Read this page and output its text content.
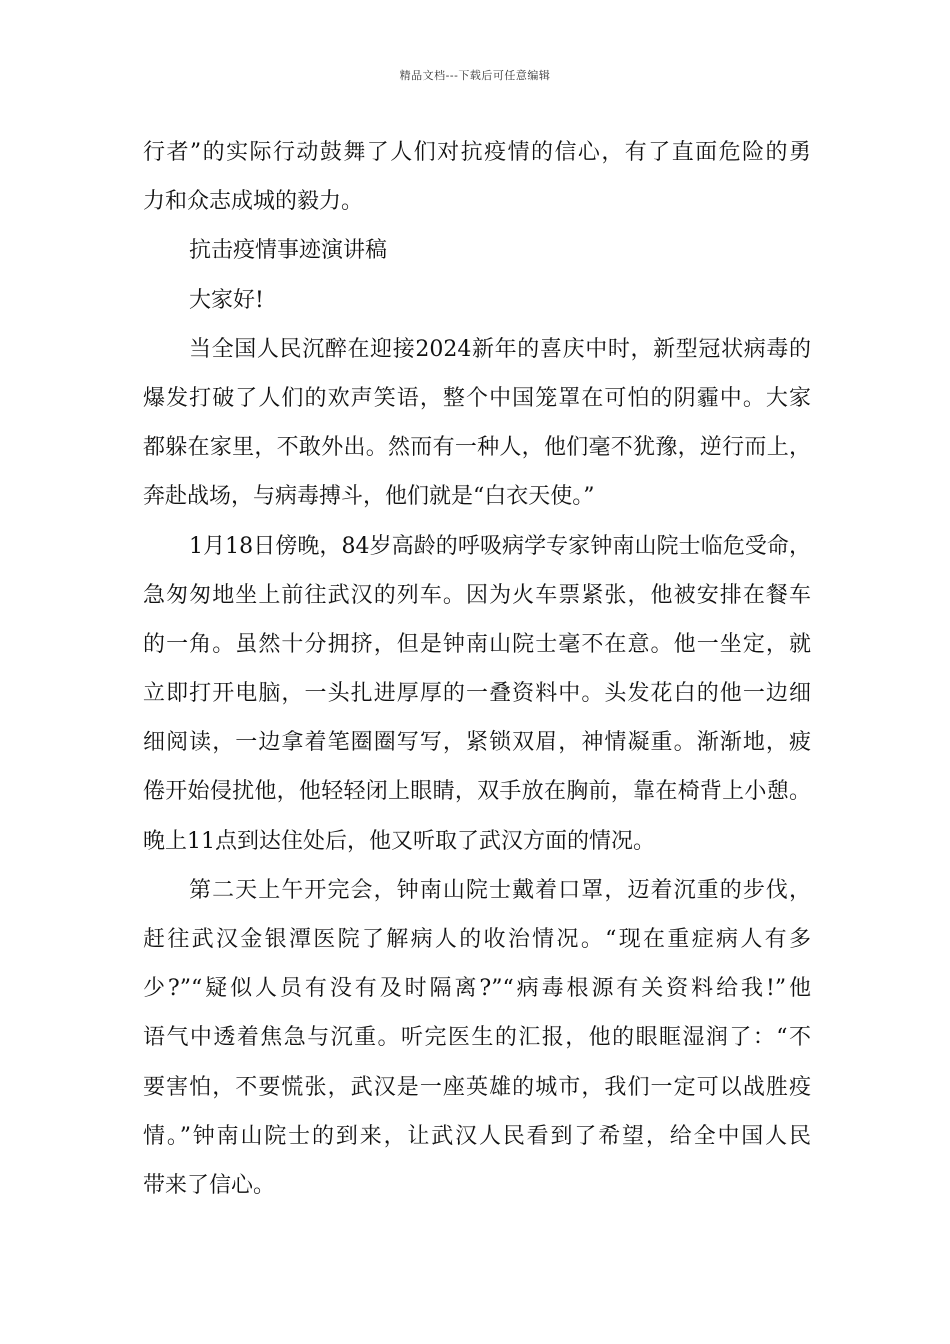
精品文档---下载后可任意编辑
行者”的实际行动鼓舞了人们对抗疫情的信心，有了直面危险的勇
力和众志成城的毅力。
抗击疫情事迹演讲稿
大家好!
当全国人民沉醉在迎接2024新年的喜庆中时，新型冠状病毒的
爆发打破了人们的欢声笑语，整个中国笼罩在可怕的阴霾中。大家
都躲在家里，不敢外出。然而有一种人，他们毫不犹豫，逆行而上，
奔赴战场，与病毒搏斗，他们就是“白衣天使。”
1月18日傍晚，84岁高龄的呼吸病学专家钟南山院士临危受命，
急匆匆地坐上前往武汉的列车。因为火车票紧张，他被安排在餐车
的一角。虽然十分拥挤，但是钟南山院士毫不在意。他一坐定，就
立即打开电脑，一头扎进厚厚的一叠资料中。头发花白的他一边细
细阅读，一边拿着笔圈圈写写，紧锁双眉，神情凝重。渐渐地，疲
倦开始侵扰他，他轻轻闭上眼睛，双手放在胸前，靠在椅背上小憩。
晚上11点到达住处后，他又听取了武汉方面的情况。
第二天上午开完会，钟南山院士戴着口罩，迈着沉重的步伐，
赶往武汉金银潭医院了解病人的收治情况。“现在重症病人有多
少?”“疑似人员有没有及时隔离?”“病毒根源有关资料给我!”他
语气中透着焦急与沉重。听完医生的汇报，他的眼眶湿润了：“不
要害怕，不要慌张，武汉是一座英雄的城市，我们一定可以战胜疫
情。”钟南山院士的到来，让武汉人民看到了希望，给全中国人民
带来了信心。
